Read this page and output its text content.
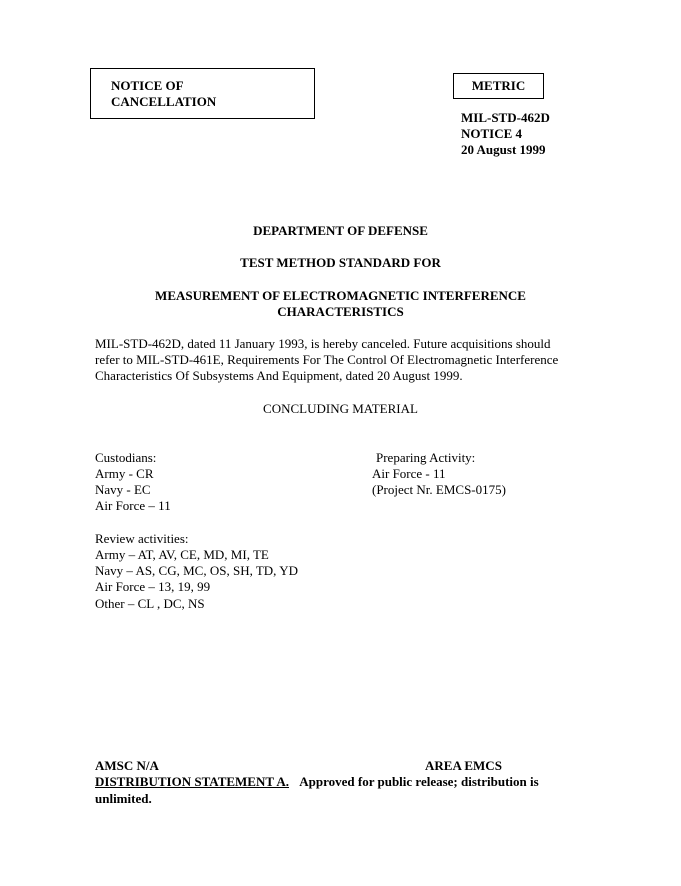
NOTICE OF
CANCELLATION
METRIC
MIL-STD-462D
NOTICE 4
20 August 1999
DEPARTMENT OF DEFENSE
TEST METHOD STANDARD FOR
MEASUREMENT OF ELECTROMAGNETIC INTERFERENCE
CHARACTERISTICS
MIL-STD-462D, dated 11 January 1993, is hereby canceled. Future acquisitions should
refer to MIL-STD-461E, Requirements For The Control Of Electromagnetic Interference
Characteristics Of Subsystems And Equipment, dated 20 August 1999.
CONCLUDING MATERIAL
Custodians:
Army - CR
Navy - EC
Air Force – 11
Preparing Activity:
Air Force - 11
(Project Nr. EMCS-0175)
Review activities:
Army – AT, AV, CE, MD, MI, TE
Navy – AS, CG, MC, OS, SH, TD, YD
Air Force – 13, 19, 99
Other – CL , DC, NS
AMSC N/A	AREA EMCS
DISTRIBUTION STATEMENT A. Approved for public release; distribution is
unlimited.
